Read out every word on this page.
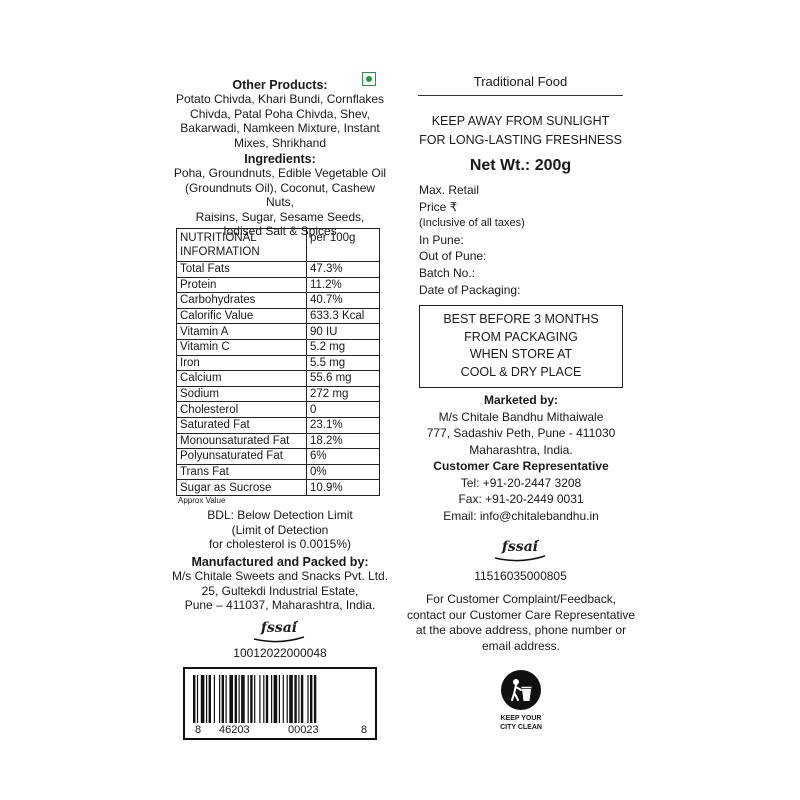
Other Products:
Potato Chivda, Khari Bundi, Cornflakes
Chivda, Patal Poha Chivda, Shev,
Bakarwadi, Namkeen Mixture, Instant
Mixes, Shrikhand
Ingredients:
Poha, Groundnuts, Edible Vegetable Oil
(Groundnuts Oil), Coconut, Cashew Nuts,
Raisins, Sugar, Sesame Seeds,
Iodised Salt & Spices
NUTRITIONAL
INFORMATION	per 100g
Total Fats	47.3%
Protein	11.2%
Carbohydrates	40.7%
Calorific Value	633.3 Kcal
Vitamin A	90 IU
Vitamin C	5.2 mg
Iron	5.5 mg
Calcium	55.6 mg
Sodium	272 mg
Cholesterol	0
Saturated Fat	23.1%
Monounsaturated Fat	18.2%
Polyunsaturated Fat	6%
Trans Fat	0%
Sugar as Sucrose	10.9%
Approx Value
BDL: Below Detection Limit
(Limit of Detection
for cholesterol is 0.0015%)
Manufactured and Packed by:
M/s Chitale Sweets and Snacks Pvt. Ltd.
25, Gultekdi Industrial Estate,
Pune – 411037, Maharashtra, India.
fssai
10012022000048
8 46203	00023	8
Traditional Food
KEEP AWAY FROM SUNLIGHT
FOR LONG-LASTING FRESHNESS
Net Wt.: 200g
Max. Retail
Price ₹
(Inclusive of all taxes)
In Pune:
Out of Pune:
Batch No.:
Date of Packaging:
BEST BEFORE 3 MONTHS
FROM PACKAGING
WHEN STORE AT
COOL & DRY PLACE
Marketed by:
M/s Chitale Bandhu Mithaiwale
777, Sadashiv Peth, Pune - 411030
Maharashtra, India.
Customer Care Representative
Tel: +91-20-2447 3208
Fax: +91-20-2449 0031
Email: info@chitalebandhu.in
fssai
11516035000805
For Customer Complaint/Feedback,
contact our Customer Care Representative
at the above address, phone number or
email address.
KEEP YOUR
CITY CLEAN
